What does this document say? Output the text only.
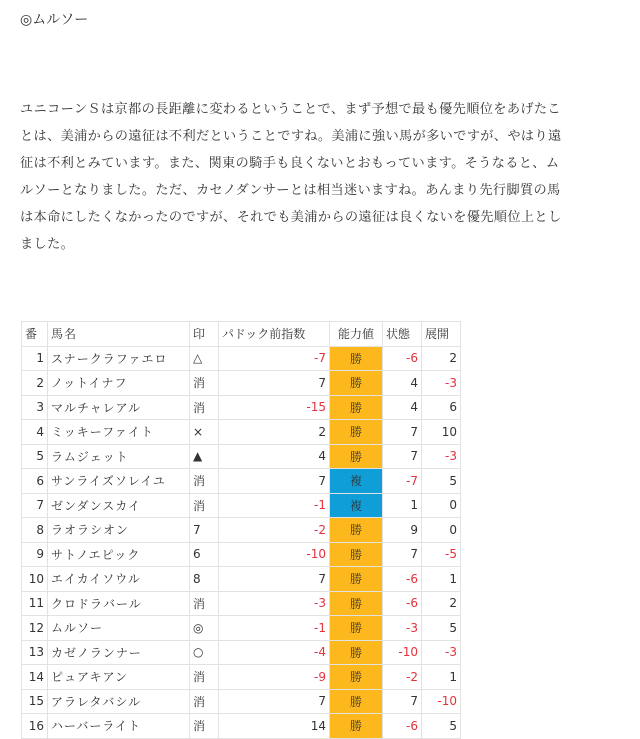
◎ムルソー
ユニコーンＳは京都の長距離に変わるということで、まず予想で最も優先順位をあげたこ
とは、美浦からの遠征は不利だということですね。美浦に強い馬が多いですが、やはり遠
征は不利とみています。また、関東の騎手も良くないとおもっています。そうなると、ム
ルソーとなりました。ただ、カセノダンサーとは相当迷いますね。あんまり先行脚質の馬
は本命にしたくなかったのですが、それでも美浦からの遠征は良くないを優先順位上とし
ました。
番	馬名	印	パドック前指数	能力値	状態	展開
1	スナークラファエロ	△	-7	勝	-6	2
2	ノットイナフ	消	7	勝	4	-3
3	マルチャレアル	消	-15	勝	4	6
4	ミッキーファイト	×	2	勝	7	10
5	ラムジェット	▲	4	勝	7	-3
6	サンライズソレイユ	消	7	複	-7	5
7	ゼンダンスカイ	消	-1	複	1	0
8	ラオラシオン	7	-2	勝	9	0
9	サトノエピック	6	-10	勝	7	-5
10	エイカイソウル	8	7	勝	-6	1
11	クロドラバール	消	-3	勝	-6	2
12	ムルソー	◎	-1	勝	-3	5
13	カゼノランナー	○	-4	勝	-10	-3
14	ピュアキアン	消	-9	勝	-2	1
15	アラレタバシル	消	7	勝	7	-10
16	ハーバーライト	消	14	勝	-6	5
